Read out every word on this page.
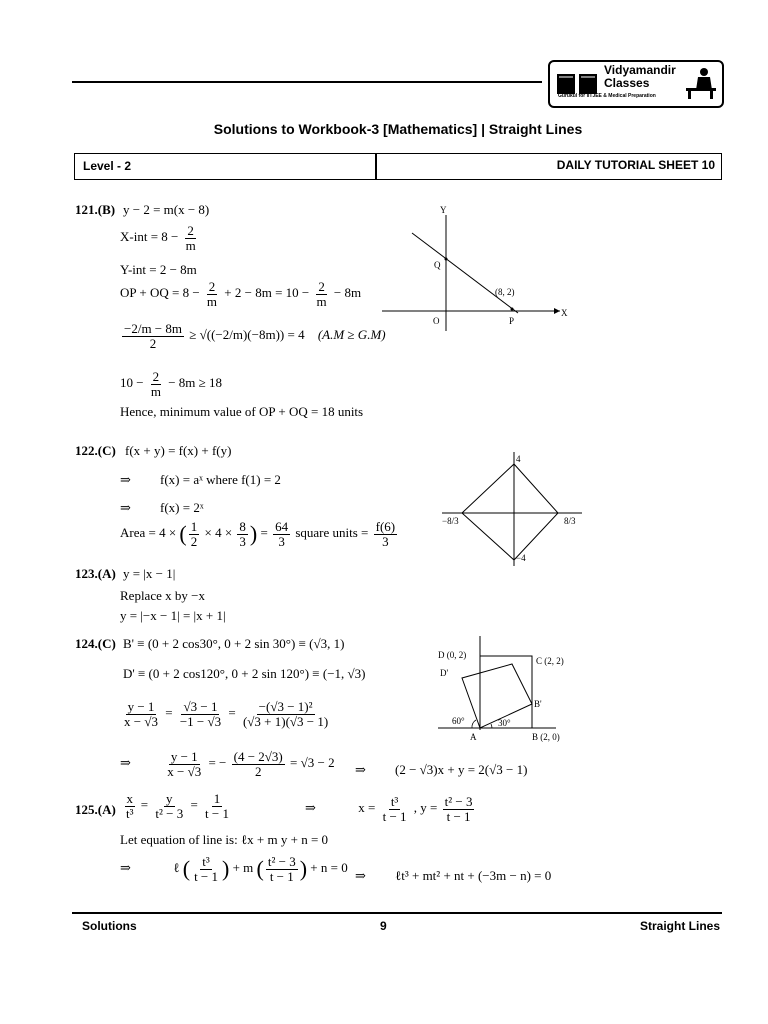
Vidyamandir
Classes
Gurukul for IITJEE & Medical Preparation
Solutions to Workbook-3 [Mathematics] | Straight Lines
Level - 2	DAILY TUTORIAL SHEET 10
121.(B) y − 2 = m(x − 8)
$X-int = 8 - \frac{2}{m}$
Y-int = 2 − 8m
OP + OQ = $8 - \frac{2}{m} + 2 - 8m = 10 - \frac{2}{m} - 8m$
$\frac{-2/m - 8m}{2} \ge √((-2/m)(-8m)) = 4$ (A.M ≥ G.M)
$10 - \frac{2}{m} - 8m \ge 18$
Hence, minimum value of OP + OQ = 18 units
Y
X
O
Q
P
(8, 2)
122.(C) f(x + y) = f(x) + f(y)
⇒ f(x) = aˣ where f(1) = 2
⇒ f(x) = 2ˣ
Area = 4 × ( $\frac{1}{2} \times 4 \times \frac{8}{3}$ ) = $\frac{64}{3}$ square units = $\frac{f(6)}{3}$
4
−4
−8/3	8/3
123.(A) y = |x − 1|
Replace x by −x
y = |−x − 1| = |x + 1|
124.(C) B' ≡ (0 + 2 cos30°, 0 + 2 sin 30°) ≡ (√3, 1)
D' ≡ (0 + 2 cos120°, 0 + 2 sin 120°) ≡ (−1, √3)
$\frac{y - 1}{x - √3} = \frac{√3 - 1}{-1 - √3} = \frac{\text{−(√3 − 1)²}}{(√3 + 1)(√3 - 1)}$
⇒	$\frac{y - 1}{x - √3}$ = − $\frac{(4 - 2√3)}{2} = √3 - 2$ ⇒ (2 − √3)x + y = 2(√3 − 1)
D (0, 2)
C (2, 2)
D'
B'
A	B (2, 0)
60°	30°
$125.(A) \frac{x}{\text{t³}} = \frac{y}{\text{t² − 3}} = \frac{1}{t - 1}$	⇒	$x = \frac{\text{t³}}{t - 1}$ , $y = \frac{\text{t² − 3}}{t - 1}$
Let equation of line is: ℓx + m y + n = 0
⇒	ℓ ( $\frac{\text{t³}}{t - 1}$ ) + m ( $\frac{\text{t² − 3}}{t - 1}$ ) + n = 0
⇒ ℓt³ + mt² + nt + (−3m − n) = 0
Solutions	9	Straight Lines
